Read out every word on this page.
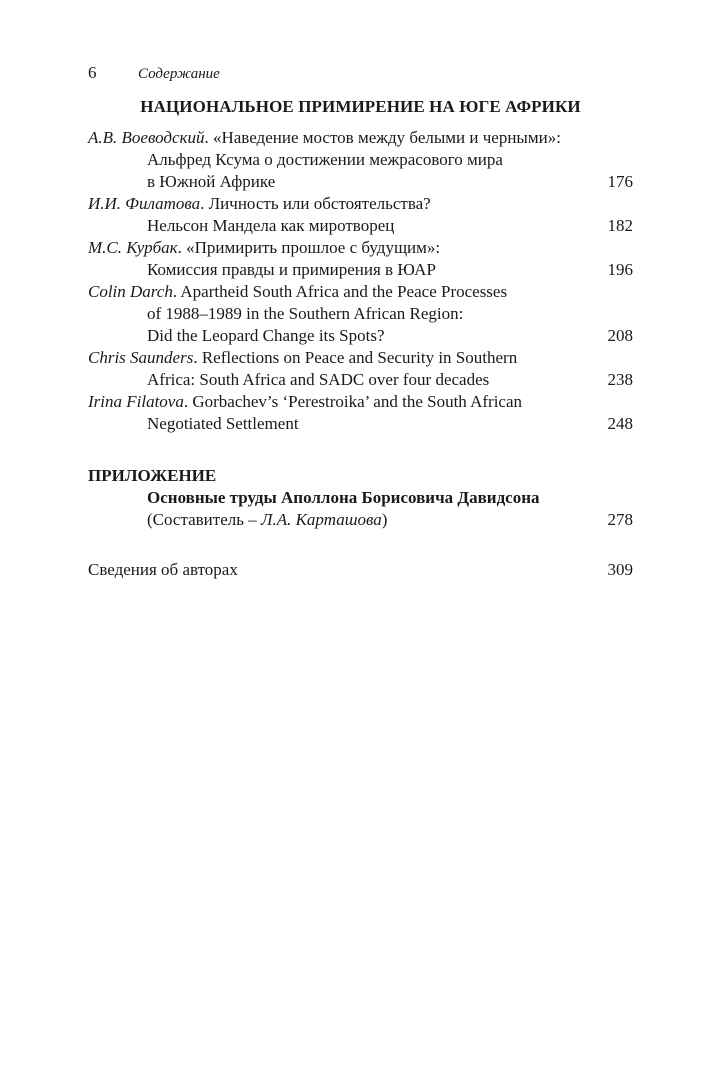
6	Содержание
НАЦИОНАЛЬНОЕ ПРИМИРЕНИЕ НА ЮГЕ АФРИКИ
А.В. Воеводский. «Наведение мостов между белыми и черными»:
Альфред Ксума о достижении межрасового мира
в Южной Африке	176
И.И. Филатова. Личность или обстоятельства?
Нельсон Мандела как миротворец	182
М.С. Курбак. «Примирить прошлое с будущим»:
Комиссия правды и примирения в ЮАР	196
Colin Darch. Apartheid South Africa and the Peace Processes
of 1988–1989 in the Southern African Region:
Did the Leopard Change its Spots?	208
Chris Saunders. Reflections on Peace and Security in Southern
Africa: South Africa and SADC over four decades	238
Irina Filatova. Gorbachev’s ‘Perestroika’ and the South African
Negotiated Settlement	248
ПРИЛОЖЕНИЕ
Основные труды Аполлона Борисовича Давидсона
(Составитель – Л.А. Карташова)	278
Сведения об авторах	309
